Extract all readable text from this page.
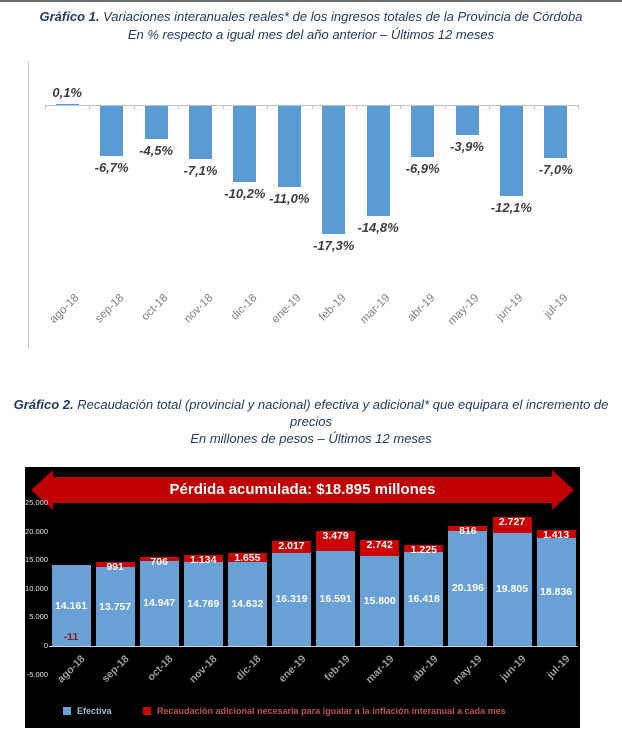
Gráfico 1. Variaciones interanuales reales* de los ingresos totales de la Provincia de Córdoba
En % respecto a igual mes del año anterior – Últimos 12 meses
0,1%
ago-18
-6,7%
sep-18
-4,5%
oct-18
-7,1%
nov-18
-10,2%
dic-18
-11,0%
ene-19
-17,3%
feb-19
-14,8%
mar-19
-6,9%
abr-19
-3,9%
may-19
-12,1%
jun-19
-7,0%
jul-19
Gráfico 2. Recaudación total (provincial y nacional) efectiva y adicional* que equipara el incremento de precios
En millones de pesos – Últimos 12 meses
Pérdida acumulada: $18.895 millones
25.000
20.000
15.000
10.000
5.000
0
-5.000
-11
14.161
ago-18
991
13.757
sep-18
706
14.947
oct-18
1.134
14.769
nov-18
1.655
14.632
dic-18
2.017
16.319
ene-19
3.479
16.591
feb-19
2.742
15.800
mar-19
1.225
16.418
abr-19
816
20.196
may-19
2.727
19.805
jun-19
1.413
18.836
jul-19
Efectiva	Recaudación adicional necesaria para igualar a la inflación interanual a cada mes
